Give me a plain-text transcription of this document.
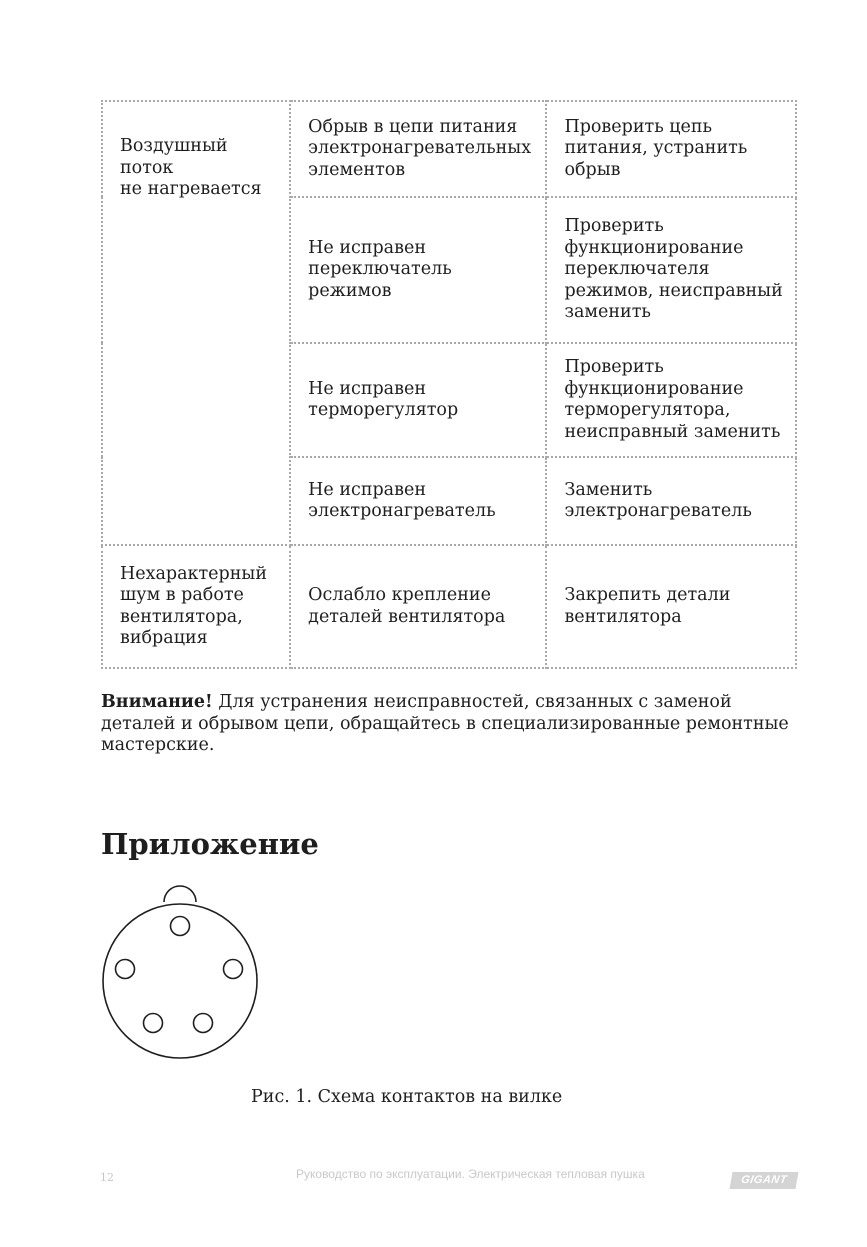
Воздушный
поток
не нагревается	Обрыв в цепи питания электронагревательных элементов	Проверить цепь питания, устранить обрыв
	Не исправен переключатель режимов	Проверить функционирование переключателя режимов, неисправный заменить
	Не исправен терморегулятор	Проверить функционирование терморегулятора, неисправный заменить
	Не исправен электронагреватель	Заменить электронагреватель
Нехарактерный шум в работе вентилятора, вибрация	Ослабло крепление деталей вентилятора	Закрепить детали вентилятора

Внимание! Для устранения неисправностей, связанных с заменой деталей и обрывом цепи, обращайтесь в специализированные ремонтные мастерские.

Приложение
Рис. 1. Схема контактов на вилке
12	Руководство по эксплуатации. Электрическая тепловая пушка	GIGANT
